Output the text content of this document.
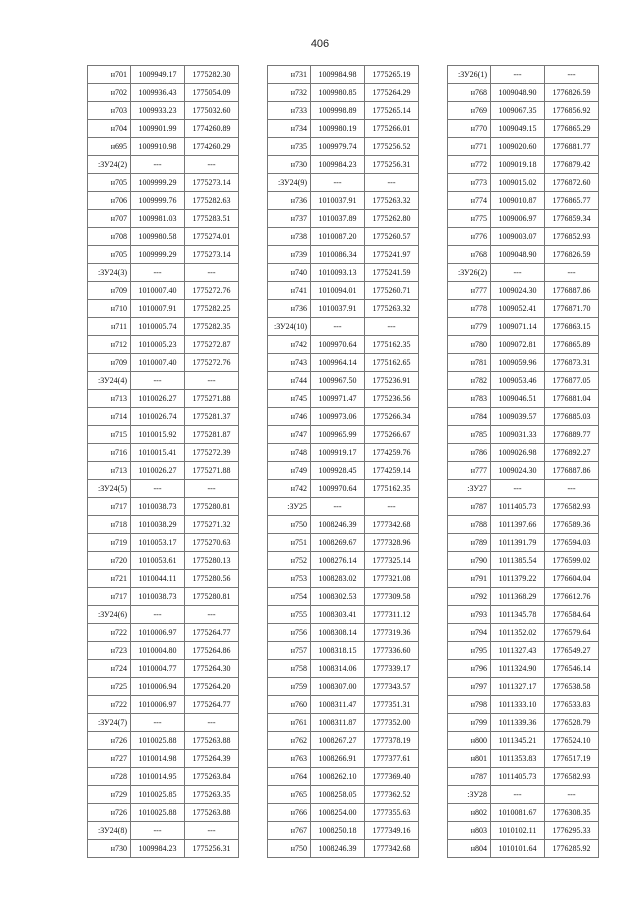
406
н701	1009949.17	1775282.30
н702	1009936.43	1775054.09
н703	1009933.23	1775032.60
н704	1009901.99	1774260.89
н695	1009910.98	1774260.29
:ЗУ24(2)	---	---
н705	1009999.29	1775273.14
н706	1009999.76	1775282.63
н707	1009981.03	1775283.51
н708	1009980.58	1775274.01
н705	1009999.29	1775273.14
:ЗУ24(3)	---	---
н709	1010007.40	1775272.76
н710	1010007.91	1775282.25
н711	1010005.74	1775282.35
н712	1010005.23	1775272.87
н709	1010007.40	1775272.76
:ЗУ24(4)	---	---
н713	1010026.27	1775271.88
н714	1010026.74	1775281.37
н715	1010015.92	1775281.87
н716	1010015.41	1775272.39
н713	1010026.27	1775271.88
:ЗУ24(5)	---	---
н717	1010038.73	1775280.81
н718	1010038.29	1775271.32
н719	1010053.17	1775270.63
н720	1010053.61	1775280.13
н721	1010044.11	1775280.56
н717	1010038.73	1775280.81
:ЗУ24(6)	---	---
н722	1010006.97	1775264.77
н723	1010004.80	1775264.86
н724	1010004.77	1775264.30
н725	1010006.94	1775264.20
н722	1010006.97	1775264.77
:ЗУ24(7)	---	---
н726	1010025.88	1775263.88
н727	1010014.98	1775264.39
н728	1010014.95	1775263.84
н729	1010025.85	1775263.35
н726	1010025.88	1775263.88
:ЗУ24(8)	---	---
н730	1009984.23	1775256.31
н731	1009984.98	1775265.19
н732	1009980.85	1775264.29
н733	1009998.89	1775265.14
н734	1009980.19	1775266.01
н735	1009979.74	1775256.52
н730	1009984.23	1775256.31
:ЗУ24(9)	---	---
н736	1010037.91	1775263.32
н737	1010037.89	1775262.80
н738	1010087.20	1775260.57
н739	1010086.34	1775241.97
н740	1010093.13	1775241.59
н741	1010094.01	1775260.71
н736	1010037.91	1775263.32
:ЗУ24(10)	---	---
н742	1009970.64	1775162.35
н743	1009964.14	1775162.65
н744	1009967.50	1775236.91
н745	1009971.47	1775236.56
н746	1009973.06	1775266.34
н747	1009965.99	1775266.67
н748	1009919.17	1774259.76
н749	1009928.45	1774259.14
н742	1009970.64	1775162.35
:ЗУ25	---	---
н750	1008246.39	1777342.68
н751	1008269.67	1777328.96
н752	1008276.14	1777325.14
н753	1008283.02	1777321.08
н754	1008302.53	1777309.58
н755	1008303.41	1777311.12
н756	1008308.14	1777319.36
н757	1008318.15	1777336.60
н758	1008314.06	1777339.17
н759	1008307.00	1777343.57
н760	1008311.47	1777351.31
н761	1008311.87	1777352.00
н762	1008267.27	1777378.19
н763	1008266.91	1777377.61
н764	1008262.10	1777369.40
н765	1008258.05	1777362.52
н766	1008254.00	1777355.63
н767	1008250.18	1777349.16
н750	1008246.39	1777342.68
:ЗУ26(1)	---	---
н768	1009048.90	1776826.59
н769	1009067.35	1776856.92
н770	1009049.15	1776865.29
н771	1009020.60	1776881.77
н772	1009019.18	1776879.42
н773	1009015.02	1776872.60
н774	1009010.87	1776865.77
н775	1009006.97	1776859.34
н776	1009003.07	1776852.93
н768	1009048.90	1776826.59
:ЗУ26(2)	---	---
н777	1009024.30	1776887.86
н778	1009052.41	1776871.70
н779	1009071.14	1776863.15
н780	1009072.81	1776865.89
н781	1009059.96	1776873.31
н782	1009053.46	1776877.05
н783	1009046.51	1776881.04
н784	1009039.57	1776885.03
н785	1009031.33	1776889.77
н786	1009026.98	1776892.27
н777	1009024.30	1776887.86
:ЗУ27	---	---
н787	1011405.73	1776582.93
н788	1011397.66	1776589.36
н789	1011391.79	1776594.03
н790	1011385.54	1776599.02
н791	1011379.22	1776604.04
н792	1011368.29	1776612.76
н793	1011345.78	1776584.64
н794	1011352.02	1776579.64
н795	1011327.43	1776549.27
н796	1011324.90	1776546.14
н797	1011327.17	1776538.58
н798	1011333.10	1776533.83
н799	1011339.36	1776528.79
н800	1011345.21	1776524.10
н801	1011353.83	1776517.19
н787	1011405.73	1776582.93
:ЗУ28	---	---
н802	1010081.67	1776308.35
н803	1010102.11	1776295.33
н804	1010101.64	1776285.92
